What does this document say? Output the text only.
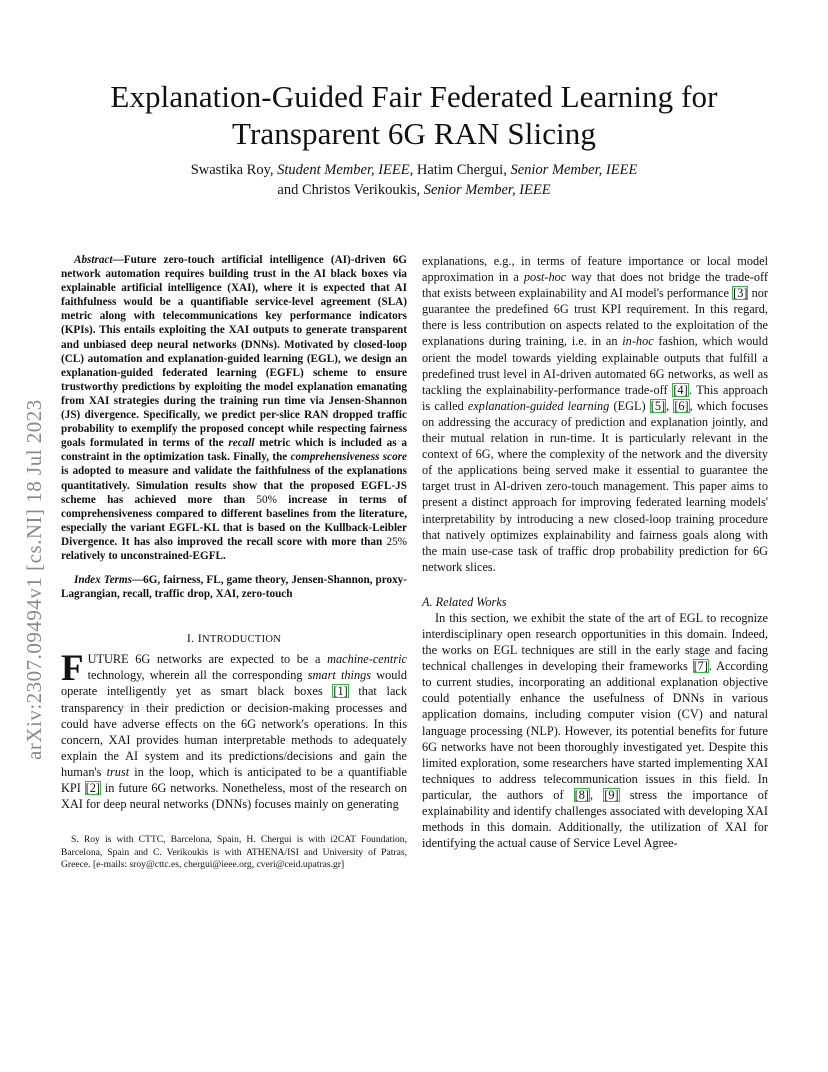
arXiv:2307.09494v1 [cs.NI] 18 Jul 2023
Explanation-Guided Fair Federated Learning for
Transparent 6G RAN Slicing
Swastika Roy, Student Member, IEEE, Hatim Chergui, Senior Member, IEEE
and Christos Verikoukis, Senior Member, IEEE

Abstract—Future zero-touch artificial intelligence (AI)-driven 6G network automation requires building trust in the AI black boxes via explainable artificial intelligence (XAI), where it is expected that AI faithfulness would be a quantifiable service-level agreement (SLA) metric along with telecommunications key performance indicators (KPIs). This entails exploiting the XAI outputs to generate transparent and unbiased deep neural networks (DNNs). Motivated by closed-loop (CL) automation and explanation-guided learning (EGL), we design an explanation-guided federated learning (EGFL) scheme to ensure trustworthy predictions by exploiting the model explanation emanating from XAI strategies during the training run time via Jensen-Shannon (JS) divergence. Specifically, we predict per-slice RAN dropped traffic probability to exemplify the proposed concept while respecting fairness goals formulated in terms of the recall metric which is included as a constraint in the optimization task. Finally, the comprehensiveness score is adopted to measure and validate the faithfulness of the explanations quantitatively. Simulation results show that the proposed EGFL-JS scheme has achieved more than 50% increase in terms of comprehensiveness compared to different baselines from the literature, especially the variant EGFL-KL that is based on the Kullback-Leibler Divergence. It has also improved the recall score with more than 25% relatively to unconstrained-EGFL.

Index Terms—6G, fairness, FL, game theory, Jensen-Shannon, proxy-Lagrangian, recall, traffic drop, XAI, zero-touch

I. INTRODUCTION

FUTURE 6G networks are expected to be a machine-centric technology, wherein all the corresponding smart things would operate intelligently yet as smart black boxes [1] that lack transparency in their prediction or decision-making processes and could have adverse effects on the 6G network's operations. In this concern, XAI provides human interpretable methods to adequately explain the AI system and its predictions/decisions and gain the human's trust in the loop, which is anticipated to be a quantifiable KPI [2] in future 6G networks. Nonetheless, most of the research on XAI for deep neural networks (DNNs) focuses mainly on generating

S. Roy is with CTTC, Barcelona, Spain, H. Chergui is with i2CAT Foundation, Barcelona, Spain and C. Verikoukis is with ATHENA/ISI and University of Patras, Greece. [e-mails: sroy@cttc.es, chergui@ieee.org, cveri@ceid.upatras.gr]

explanations, e.g., in terms of feature importance or local model approximation in a post-hoc way that does not bridge the trade-off that exists between explainability and AI model's performance [3] nor guarantee the predefined 6G trust KPI requirement. In this regard, there is less contribution on aspects related to the exploitation of the explanations during training, i.e. in an in-hoc fashion, which would orient the model towards yielding explainable outputs that fulfill a predefined trust level in AI-driven automated 6G networks, as well as tackling the explainability-performance trade-off [4]. This approach is called explanation-guided learning (EGL) [5], [6], which focuses on addressing the accuracy of prediction and explanation jointly, and their mutual relation in run-time. It is particularly relevant in the context of 6G, where the complexity of the network and the diversity of the applications being served make it essential to guarantee the target trust in AI-driven zero-touch management. This paper aims to present a distinct approach for improving federated learning models' interpretability by introducing a new closed-loop training procedure that natively optimizes explainability and fairness goals along with the main use-case task of traffic drop probability prediction for 6G network slices.

A. Related Works

In this section, we exhibit the state of the art of EGL to recognize interdisciplinary open research opportunities in this domain. Indeed, the works on EGL techniques are still in the early stage and facing technical challenges in developing their frameworks [7]. According to current studies, incorporating an additional explanation objective could potentially enhance the usefulness of DNNs in various application domains, including computer vision (CV) and natural language processing (NLP). However, its potential benefits for future 6G networks have not been thoroughly investigated yet. Despite this limited exploration, some researchers have started implementing XAI techniques to address telecommunication issues in this field. In particular, the authors of [8], [9] stress the importance of explainability and identify challenges associated with developing XAI methods in this domain. Additionally, the utilization of XAI for identifying the actual cause of Service Level Agree-
